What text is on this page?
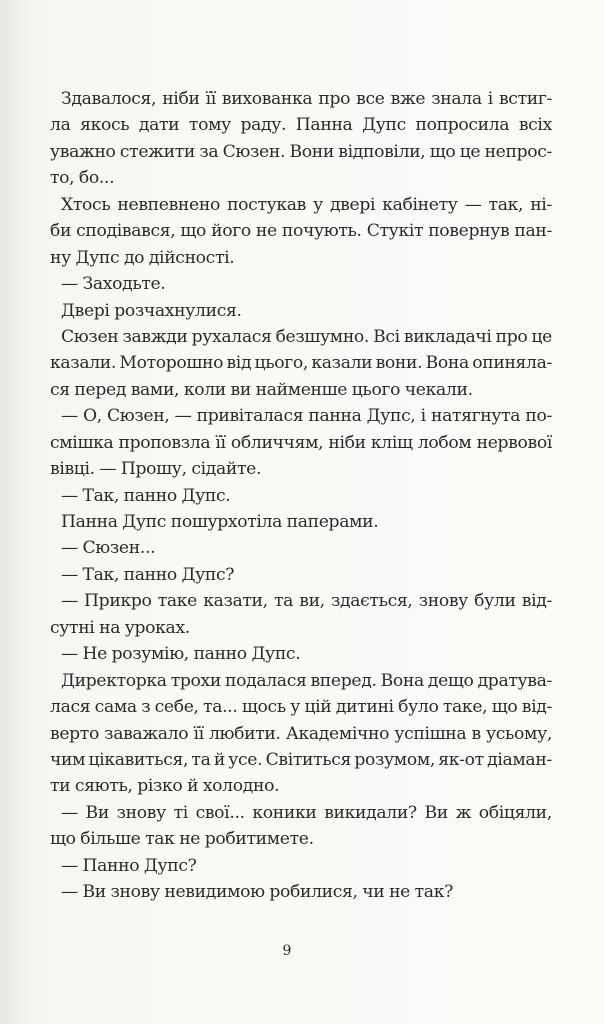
Здавалося, ніби її вихованка про все вже знала і встиг-
ла якось дати тому раду. Панна Дупс попросила всіх
уважно стежити за Сюзен. Вони відповіли, що це непрос-
то, бо...
Хтось невпевнено постукав у двері кабінету — так, ні-
би сподівався, що його не почують. Стукіт повернув пан-
ну Дупс до дійсності.
— Заходьте.
Двері розчахнулися.
Сюзен завжди рухалася безшумно. Всі викладачі про це
казали. Моторошно від цього, казали вони. Вона опиняла-
ся перед вами, коли ви найменше цього чекали.
— О, Сюзен, — привіталася панна Дупс, і натягнута по-
смішка проповзла її обличчям, ніби кліщ лобом нервової
вівці. — Прошу, сідайте.
— Так, панно Дупс.
Панна Дупс пошурхотіла паперами.
— Сюзен...
— Так, панно Дупс?
— Прикро таке казати, та ви, здається, знову були від-
сутні на уроках.
— Не розумію, панно Дупс.
Директорка трохи подалася вперед. Вона дещо дратува-
лася сама з себе, та... щось у цій дитині було таке, що від-
верто заважало її любити. Академічно успішна в усьому,
чим цікавиться, та й усе. Світиться розумом, як-от діаман-
ти сяють, різко й холодно.
— Ви знову ті свої... коники викидали? Ви ж обіцяли,
що більше так не робитимете.
— Панно Дупс?
— Ви знову невидимою робилися, чи не так?
9
